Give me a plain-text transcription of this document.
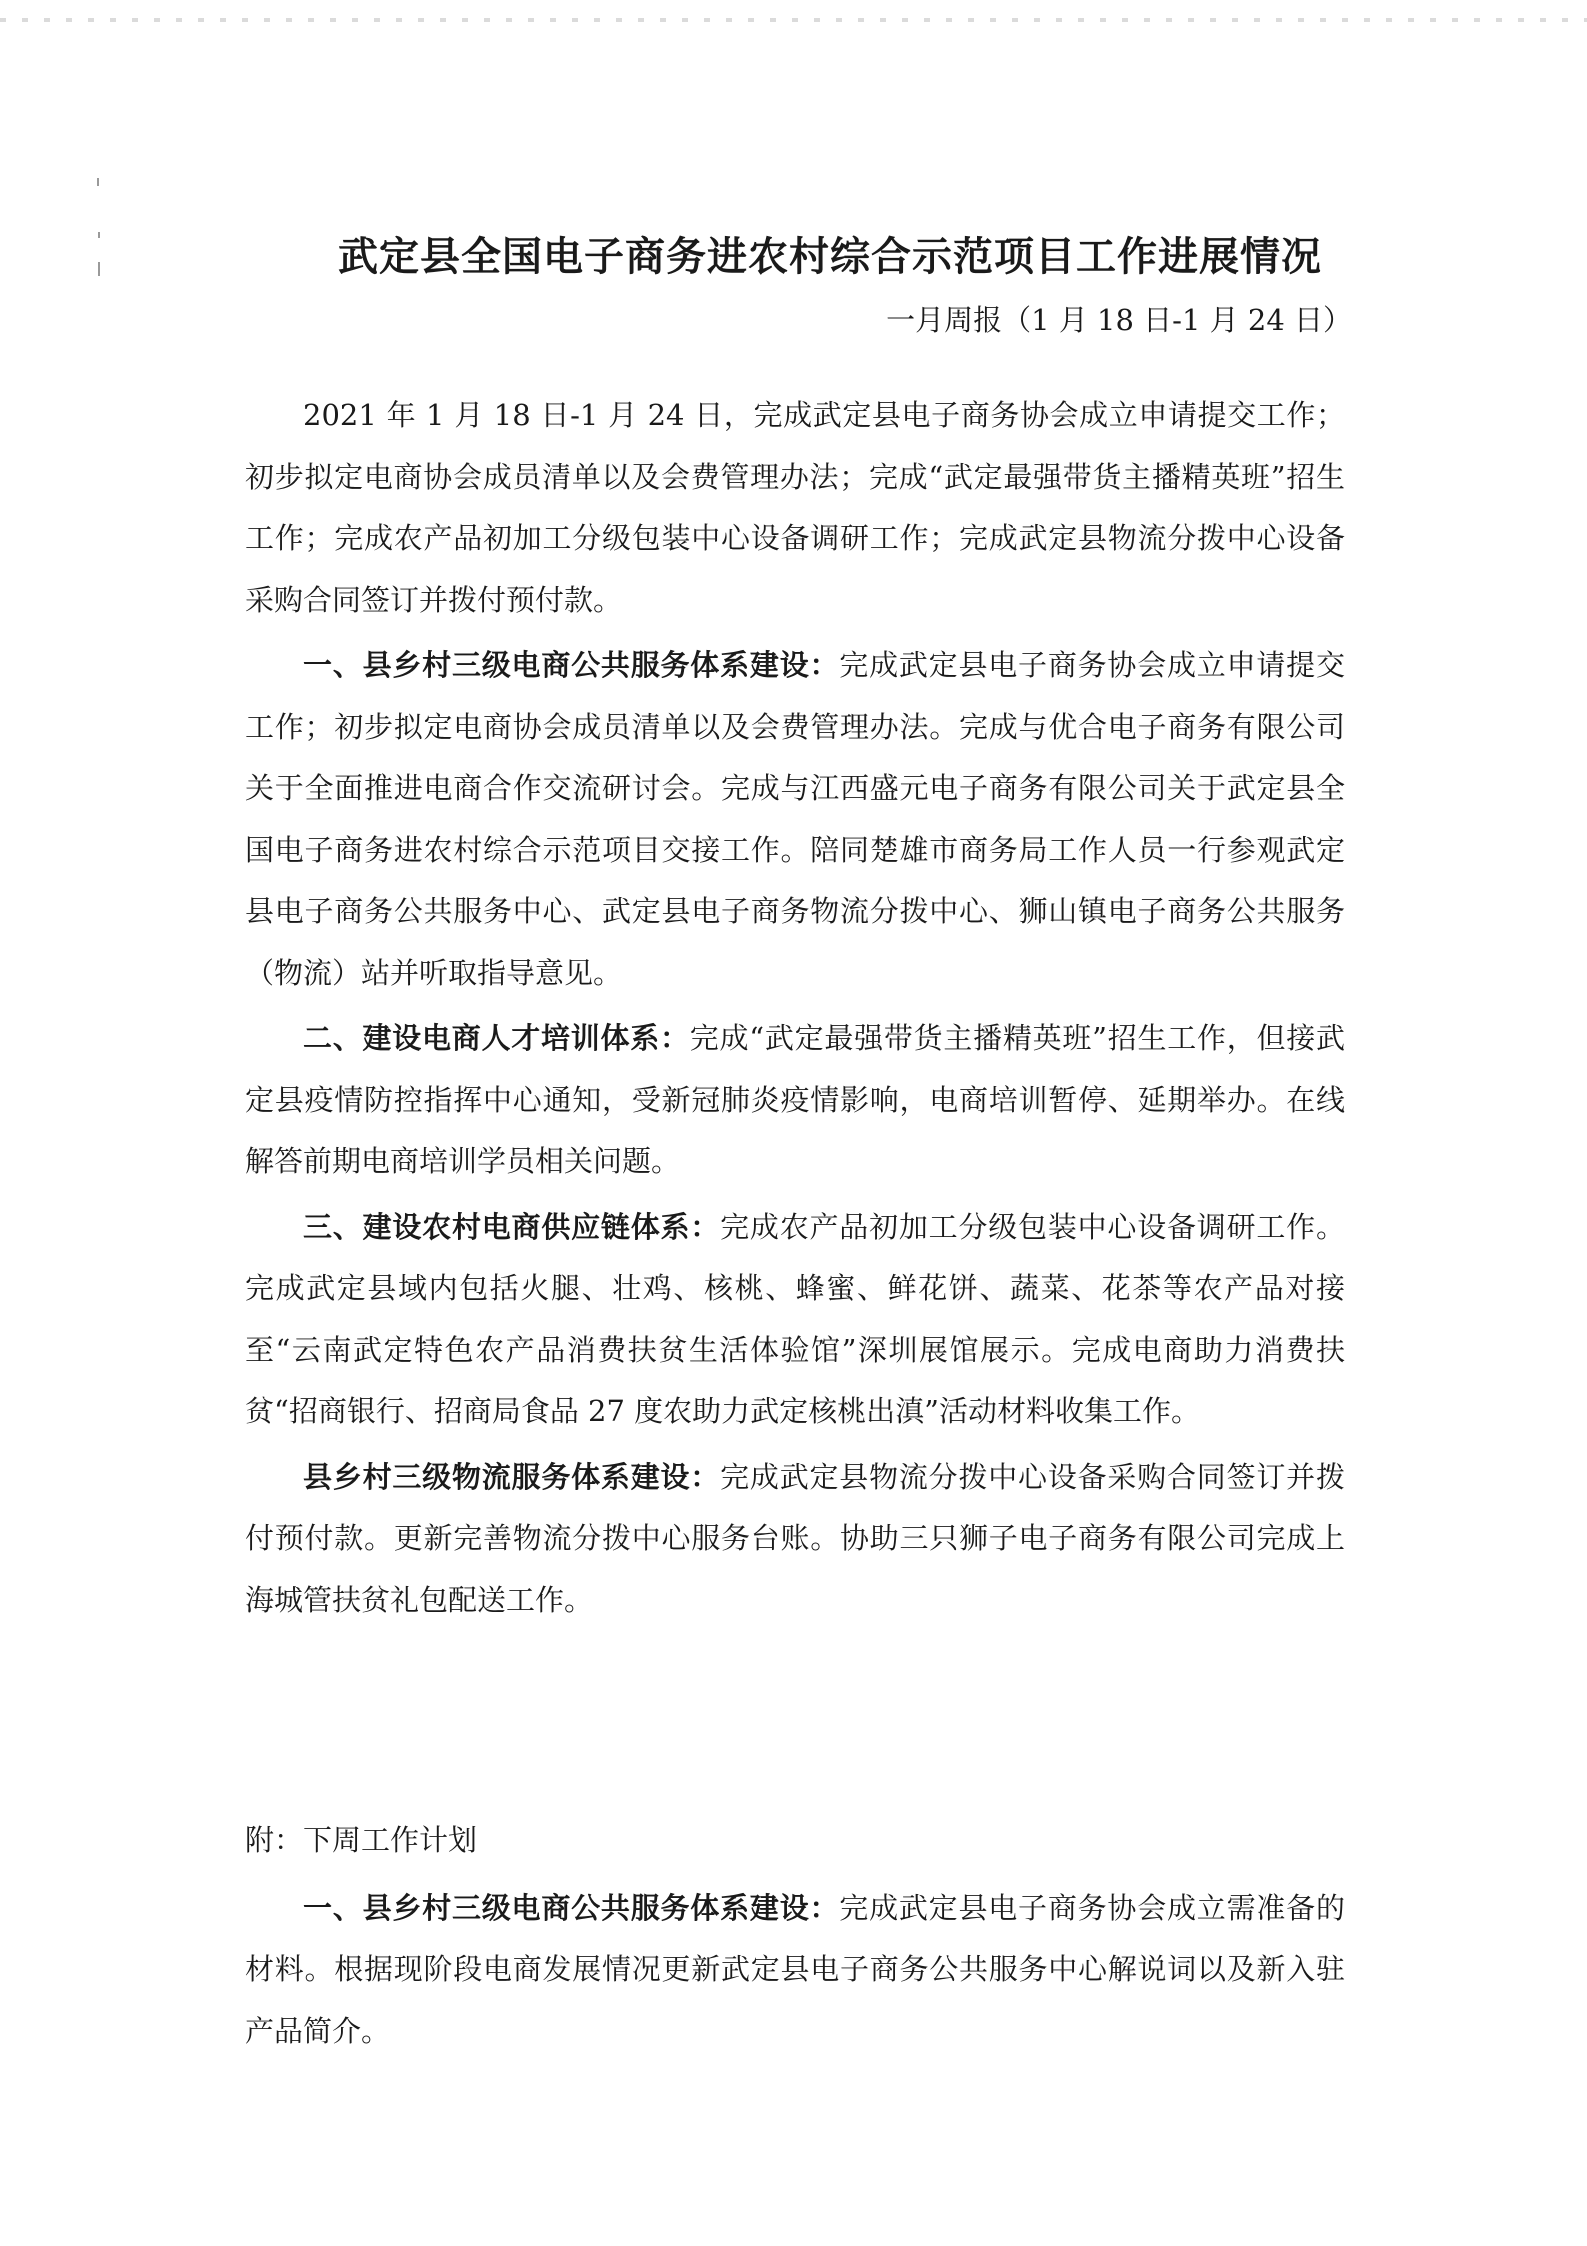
武定县全国电子商务进农村综合示范项目工作进展情况
一月周报（1 月 18 日-1 月 24 日）

2021 年 1 月 18 日-1 月 24 日，完成武定县电子商务协会成立申请提交工作；初步拟定电商协会成员清单以及会费管理办法；完成“武定最强带货主播精英班”招生工作；完成农产品初加工分级包装中心设备调研工作；完成武定县物流分拨中心设备采购合同签订并拨付预付款。

一、县乡村三级电商公共服务体系建设：完成武定县电子商务协会成立申请提交工作；初步拟定电商协会成员清单以及会费管理办法。完成与优合电子商务有限公司关于全面推进电商合作交流研讨会。完成与江西盛元电子商务有限公司关于武定县全国电子商务进农村综合示范项目交接工作。陪同楚雄市商务局工作人员一行参观武定县电子商务公共服务中心、武定县电子商务物流分拨中心、狮山镇电子商务公共服务（物流）站并听取指导意见。

二、建设电商人才培训体系：完成“武定最强带货主播精英班”招生工作，但接武定县疫情防控指挥中心通知，受新冠肺炎疫情影响，电商培训暂停、延期举办。在线解答前期电商培训学员相关问题。

三、建设农村电商供应链体系：完成农产品初加工分级包装中心设备调研工作。完成武定县域内包括火腿、壮鸡、核桃、蜂蜜、鲜花饼、蔬菜、花茶等农产品对接至“云南武定特色农产品消费扶贫生活体验馆”深圳展馆展示。完成电商助力消费扶贫“招商银行、招商局食品 27 度农助力武定核桃出滇”活动材料收集工作。

县乡村三级物流服务体系建设：完成武定县物流分拨中心设备采购合同签订并拨付预付款。更新完善物流分拨中心服务台账。协助三只狮子电子商务有限公司完成上海城管扶贫礼包配送工作。

附：下周工作计划

一、县乡村三级电商公共服务体系建设：完成武定县电子商务协会成立需准备的材料。根据现阶段电商发展情况更新武定县电子商务公共服务中心解说词以及新入驻产品简介。
